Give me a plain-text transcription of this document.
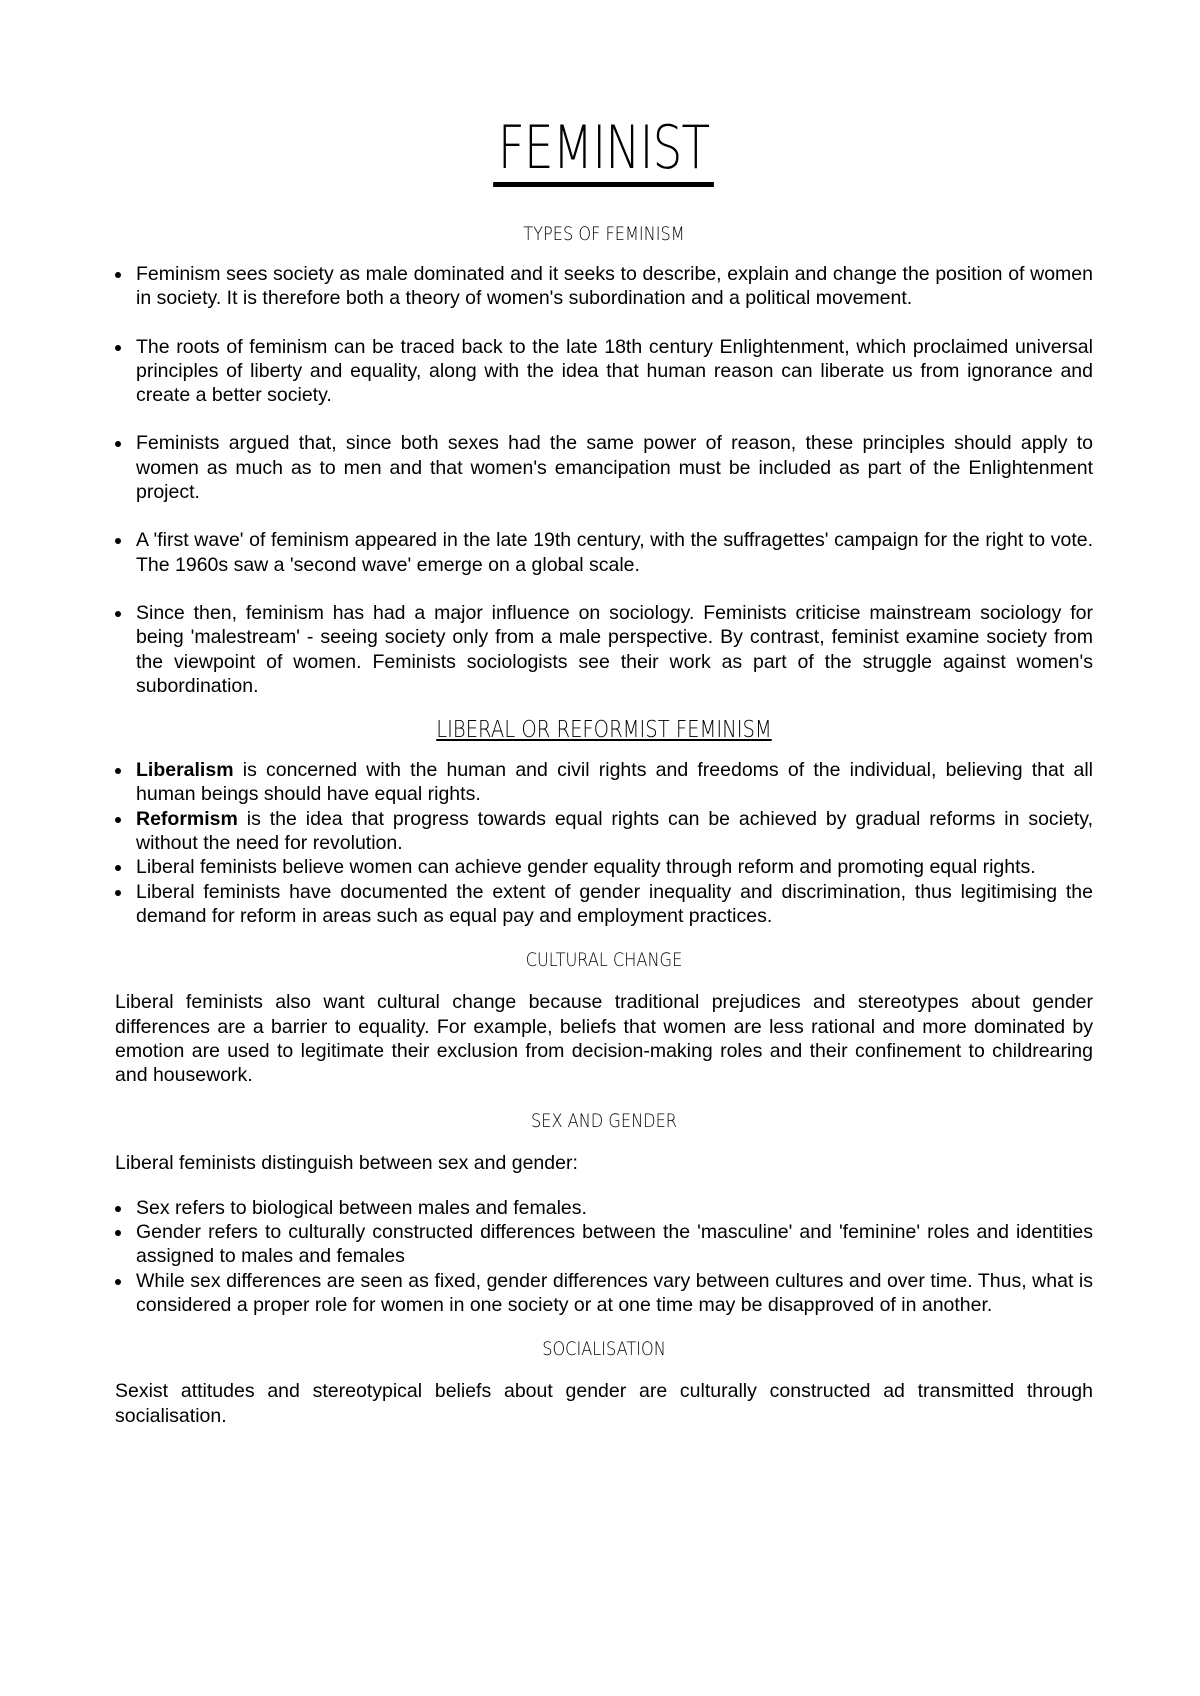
FEMINIST
TYPES OF FEMINISM
Feminism sees society as male dominated and it seeks to describe, explain and change the position of women in society. It is therefore both a theory of women's subordination and a political movement.
The roots of feminism can be traced back to the late 18th century Enlightenment, which proclaimed universal principles of liberty and equality, along with the idea that human reason can liberate us from ignorance and create a better society.
Feminists argued that, since both sexes had the same power of reason, these principles should apply to women as much as to men and that women's emancipation must be included as part of the Enlightenment project.
A 'first wave' of feminism appeared in the late 19th century, with the suffragettes' campaign for the right to vote. The 1960s saw a 'second wave' emerge on a global scale.
Since then, feminism has had a major influence on sociology. Feminists criticise mainstream sociology for being 'malestream' - seeing society only from a male perspective. By contrast, feminist examine society from the viewpoint of women. Feminists sociologists see their work as part of the struggle against women's subordination.
LIBERAL OR REFORMIST FEMINISM
Liberalism is concerned with the human and civil rights and freedoms of the individual, believing that all human beings should have equal rights.
Reformism is the idea that progress towards equal rights can be achieved by gradual reforms in society, without the need for revolution.
Liberal feminists believe women can achieve gender equality through reform and promoting equal rights.
Liberal feminists have documented the extent of gender inequality and discrimination, thus legitimising the demand for reform in areas such as equal pay and employment practices.
CULTURAL CHANGE
Liberal feminists also want cultural change because traditional prejudices and stereotypes about gender differences are a barrier to equality. For example, beliefs that women are less rational and more dominated by emotion are used to legitimate their exclusion from decision-making roles and their confinement to childrearing and housework.
SEX AND GENDER
Liberal feminists distinguish between sex and gender:
Sex refers to biological between males and females.
Gender refers to culturally constructed differences between the 'masculine' and 'feminine' roles and identities assigned to males and females
While sex differences are seen as fixed, gender differences vary between cultures and over time. Thus, what is considered a proper role for women in one society or at one time may be disapproved of in another.
SOCIALISATION
Sexist attitudes and stereotypical beliefs about gender are culturally constructed ad transmitted through socialisation.
